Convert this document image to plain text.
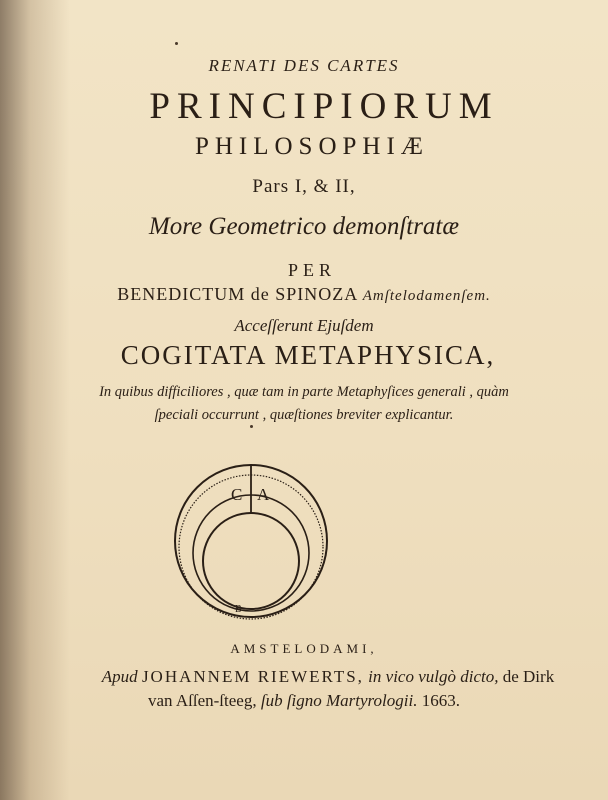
RENATI DES CARTES
PRINCIPIORUM
PHILOSOPHIÆ
Pars I, & II,
More Geometrico demonſtratæ
PER
BENEDICTUM de SPINOZA Amſtelodamenſem.
Acceſſerunt Ejuſdem
COGITATA METAPHYSICA,
In quibus difficiliores , quæ tam in parte Metaphyſices generali , quàm
ſpeciali occurrunt , quæſtiones breviter explicantur.
C A
B
AMSTELODAMI,
Apud JOHANNEM RIEWERTS, in vico vulgò dicto, de Dirk
van Aſſen-ſteeg, ſub ſigno Martyrologii. 1663.
